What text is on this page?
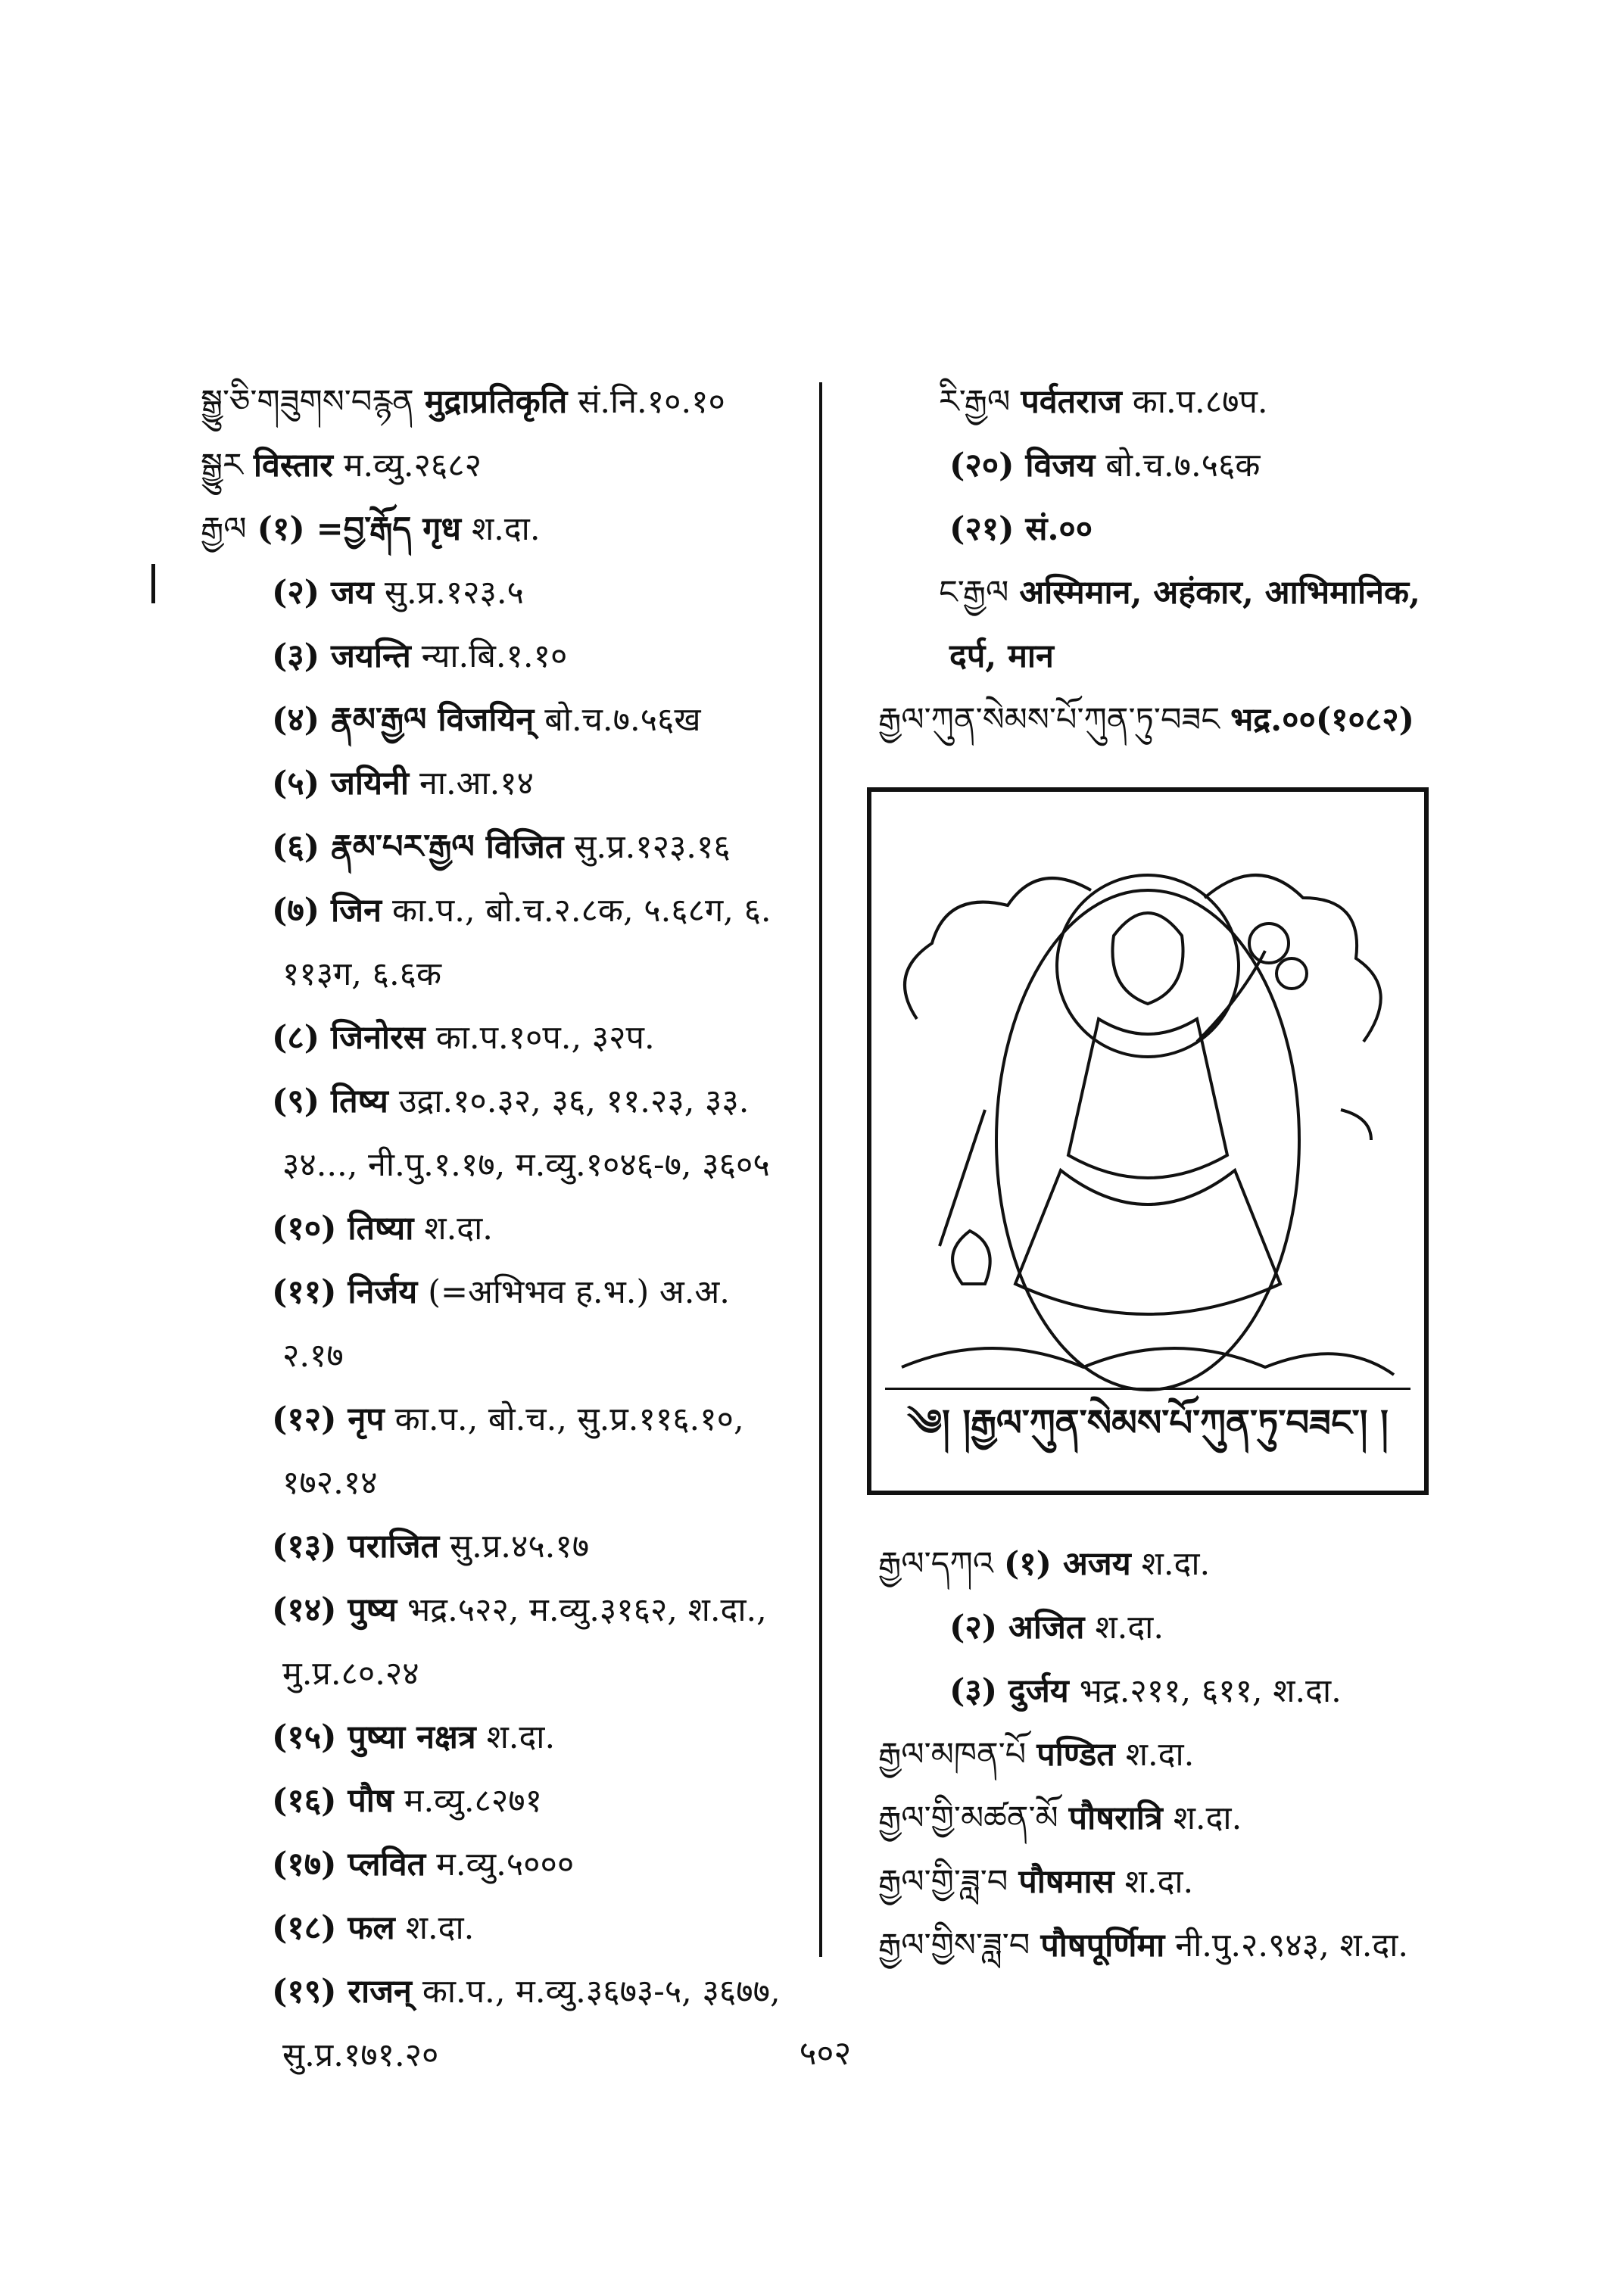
སྒྱུ་ཅི་གཟུགས་བརྙན मुद्राप्रतिकृति सं.नि.१०.१०
སྒྱུར विस्तार म.व्यु.२६८२
རྒྱལ (१) =བྱ་རྒོད गृध श.दा.
(२) जय सु.प्र.१२३.५
(३) जयन्ति न्या.बि.१.१०
(४) རྣམ་རྒྱལ विजयिन् बो.च.७.५६ख
(५) जयिनी ना.आ.१४
(६) རྣམ་པར་རྒྱལ विजित सु.प्र.१२३.१६
(७) जिन का.प., बो.च.२.८क, ५.६८ग, ६.
११३ग, ६.६क
(८) जिनोरस का.प.१०प., ३२प.
(९) तिष्य उद्रा.१०.३२, ३६, ११.२३, ३३.
३४..., नी.पु.१.१७, म.व्यु.१०४६-७, ३६०५
(१०) तिष्या श.दा.
(११) निर्जय (=अभिभव ह.भ.) अ.अ.
२.१७
(१२) नृप का.प., बो.च., सु.प्र.११६.१०,
१७२.१४
(१३) पराजित सु.प्र.४५.१७
(१४) पुष्य भद्र.५२२, म.व्यु.३१६२, श.दा.,
मु.प्र.८०.२४
(१५) पुष्या नक्षत्र श.दा.
(१६) पौष म.व्यु.८२७१
(१७) प्लवित म.व्यु.५०००
(१८) फल श.दा.
(१९) राजन् का.प., म.व्यु.३६७३-५, ३६७७,
सु.प्र.१७१.२०
རི་རྒྱལ पर्वतराज का.प.८७प.
(२०) विजय बो.च.७.५६क
(२१) सं.००
ང་རྒྱལ अस्मिमान, अहंकार, आभिमानिक,
दर्प, मान
རྒྱལ་ཀུན་སེམས་པོ་ཀུན་ཏུ་བཟང भद्र.००(१०८२)
༄། །རྒྱལ་ཀུན་སེམས་པོ་ཀུན་ཏུ་བཟང་། །
རྒྱལ་དཀའ (१) अजय श.दा.
(२) अजित श.दा.
(३) दुर्जय भद्र.२११, ६११, श.दा.
རྒྱལ་མཁན་པོ पण्डित श.दा.
རྒྱལ་གྱི་མཚན་མོ पौषरात्रि श.दा.
རྒྱལ་གྱི་ཟླ་བ पौषमास श.दा.
རྒྱལ་གྱིས་ཟླ་བ पौषपूर्णिमा नी.पु.२.९४३, श.दा.
५०२
